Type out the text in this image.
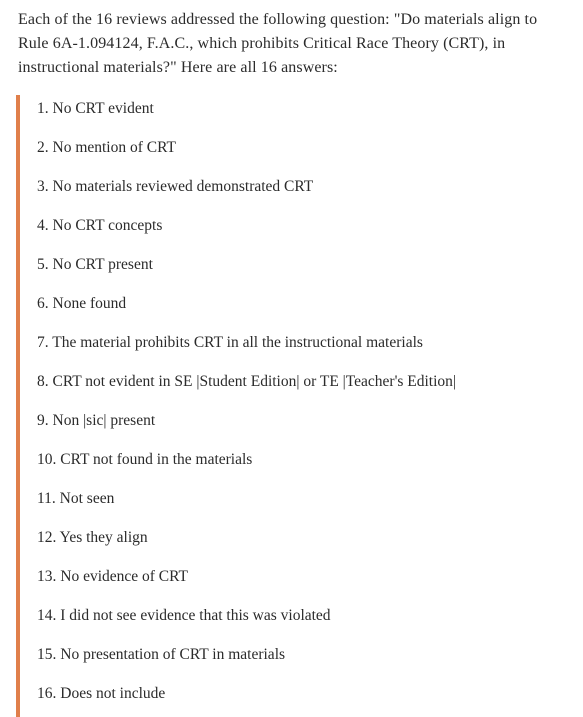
Each of the 16 reviews addressed the following question: "Do materials align to Rule 6A-1.094124, F.A.C., which prohibits Critical Race Theory (CRT), in instructional materials?" Here are all 16 answers:

1. No CRT evident
2. No mention of CRT
3. No materials reviewed demonstrated CRT
4. No CRT concepts
5. No CRT present
6. None found
7. The material prohibits CRT in all the instructional materials
8. CRT not evident in SE |Student Edition| or TE |Teacher's Edition|
9. Non |sic| present
10. CRT not found in the materials
11. Not seen
12. Yes they align
13. No evidence of CRT
14. I did not see evidence that this was violated
15. No presentation of CRT in materials
16. Does not include
